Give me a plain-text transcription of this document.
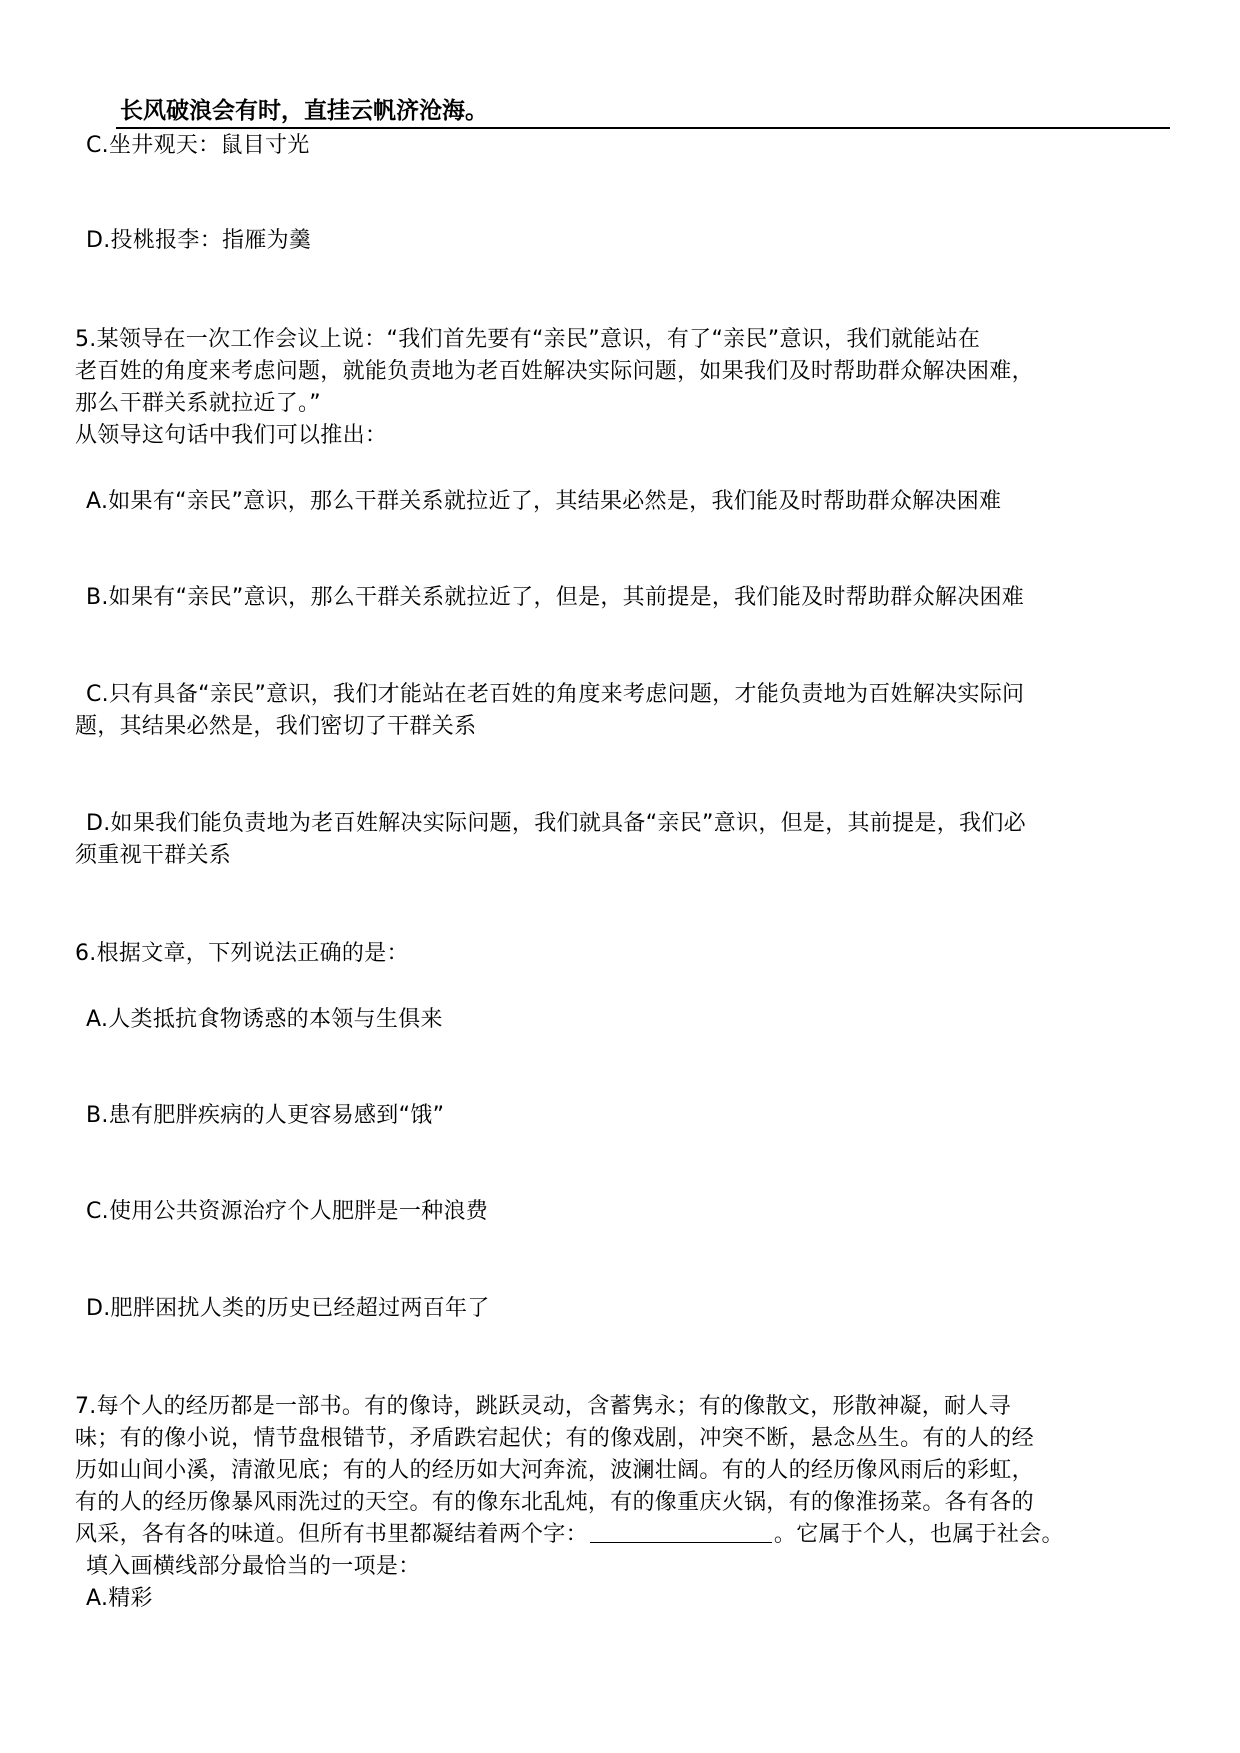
长风破浪会有时，直挂云帆济沧海。

C.坐井观天：鼠目寸光

D.投桃报李：指雁为羹

5.某领导在一次工作会议上说：“我们首先要有“亲民”意识，有了“亲民”意识，我们就能站在

老百姓的角度来考虑问题，就能负责地为老百姓解决实际问题，如果我们及时帮助群众解决困难，

那么干群关系就拉近了。”

从领导这句话中我们可以推出：

A.如果有“亲民”意识，那么干群关系就拉近了，其结果必然是，我们能及时帮助群众解决困难

B.如果有“亲民”意识，那么干群关系就拉近了，但是，其前提是，我们能及时帮助群众解决困难

C.只有具备“亲民”意识，我们才能站在老百姓的角度来考虑问题，才能负责地为百姓解决实际问

题，其结果必然是，我们密切了干群关系

D.如果我们能负责地为老百姓解决实际问题，我们就具备“亲民”意识，但是，其前提是，我们必

须重视干群关系

6.根据文章，下列说法正确的是：

A.人类抵抗食物诱惑的本领与生俱来

B.患有肥胖疾病的人更容易感到“饿”

C.使用公共资源治疗个人肥胖是一种浪费

D.肥胖困扰人类的历史已经超过两百年了

7.每个人的经历都是一部书。有的像诗，跳跃灵动，含蓄隽永；有的像散文，形散神凝，耐人寻

味；有的像小说，情节盘根错节，矛盾跌宕起伏；有的像戏剧，冲突不断，悬念丛生。有的人的经

历如山间小溪，清澈见底；有的人的经历如大河奔流，波澜壮阔。有的人的经历像风雨后的彩虹，

有的人的经历像暴风雨洗过的天空。有的像东北乱炖，有的像重庆火锅，有的像淮扬菜。各有各的

风采，各有各的味道。但所有书里都凝结着两个字：	。它属于个人，也属于社会。

填入画横线部分最恰当的一项是：

A.精彩
